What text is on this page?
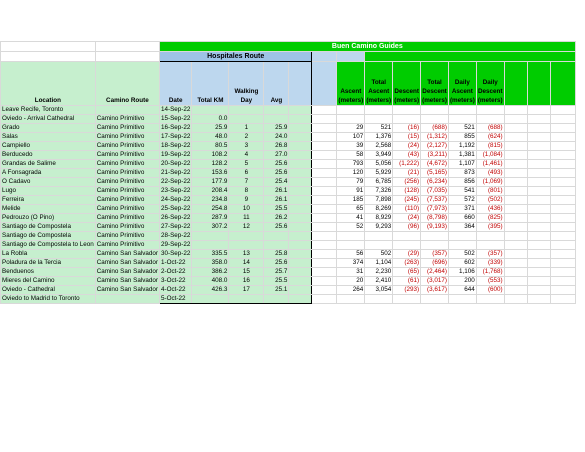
		Buen Camino Guides														
		Hospitales Route														
Location	Camino Route	Date	Total KM	Walking Day	Avg			Ascent (meters)	Total Ascent (meters)	Descent (meters)	Total Descent (meters)	Daily Ascent (meters)	Daily Descent (meters)			
Leave Recife, Toronto		14-Sep-22														
Oviedo - Arrival Cathedral	Camino Primitivo	15-Sep-22	0.0													
Grado	Camino Primitivo	16-Sep-22	25.9	1	25.9			29	521	(16)	(688)	521	(688)			
Salas	Camino Primitivo	17-Sep-22	48.0	2	24.0			107	1,376	(15)	(1,312)	855	(624)			
Campiello	Camino Primitivo	18-Sep-22	80.5	3	26.8			39	2,568	(24)	(2,127)	1,192	(815)			
Berducedo	Camino Primitivo	19-Sep-22	108.2	4	27.0			58	3,949	(43)	(3,211)	1,381	(1,084)			
Grandas de Salime	Camino Primitivo	20-Sep-22	128.2	5	25.6			793	5,056	(1,222)	(4,672)	1,107	(1,461)			
A Fonsagrada	Camino Primitivo	21-Sep-22	153.6	6	25.6			120	5,929	(21)	(5,165)	873	(493)			
O Cadavo	Camino Primitivo	22-Sep-22	177.9	7	25.4			79	6,785	(256)	(6,234)	856	(1,069)			
Lugo	Camino Primitivo	23-Sep-22	208.4	8	26.1			91	7,326	(128)	(7,035)	541	(801)			
Ferreira	Camino Primitivo	24-Sep-22	234.8	9	26.1			185	7,898	(245)	(7,537)	572	(502)			
Melide	Camino Primitivo	25-Sep-22	254.8	10	25.5			65	8,269	(110)	(7,973)	371	(436)			
Pedrouzo (O Pino)	Camino Primitivo	26-Sep-22	287.9	11	26.2			41	8,929	(24)	(8,798)	660	(825)			
Santiago de Compostela	Camino Primitivo	27-Sep-22	307.2	12	25.6			52	9,293	(96)	(9,193)	364	(395)			
Santiago de Compostela	Camino Primitivo	28-Sep-22														
Santiago de Compostela to Leon	Camino Primitivo	29-Sep-22														
La Robla	Camino San Salvador	30-Sep-22	335.5	13	25.8			56	502	(29)	(357)	502	(357)			
Poladura de la Tercia	Camino San Salvador	1-Oct-22	358.0	14	25.6			374	1,104	(263)	(696)	602	(339)			
Benduenos	Camino San Salvador	2-Oct-22	386.2	15	25.7			31	2,230	(65)	(2,464)	1,106	(1,768)			
Mieres del Camino	Camino San Salvador	3-Oct-22	408.0	16	25.5			20	2,410	(61)	(3,017)	200	(553)			
Oviedo - Cathedral	Camino San Salvador	4-Oct-22	426.3	17	25.1			264	3,054	(293)	(3,617)	644	(600)			
Oviedo to Madrid to Toronto		5-Oct-22														
